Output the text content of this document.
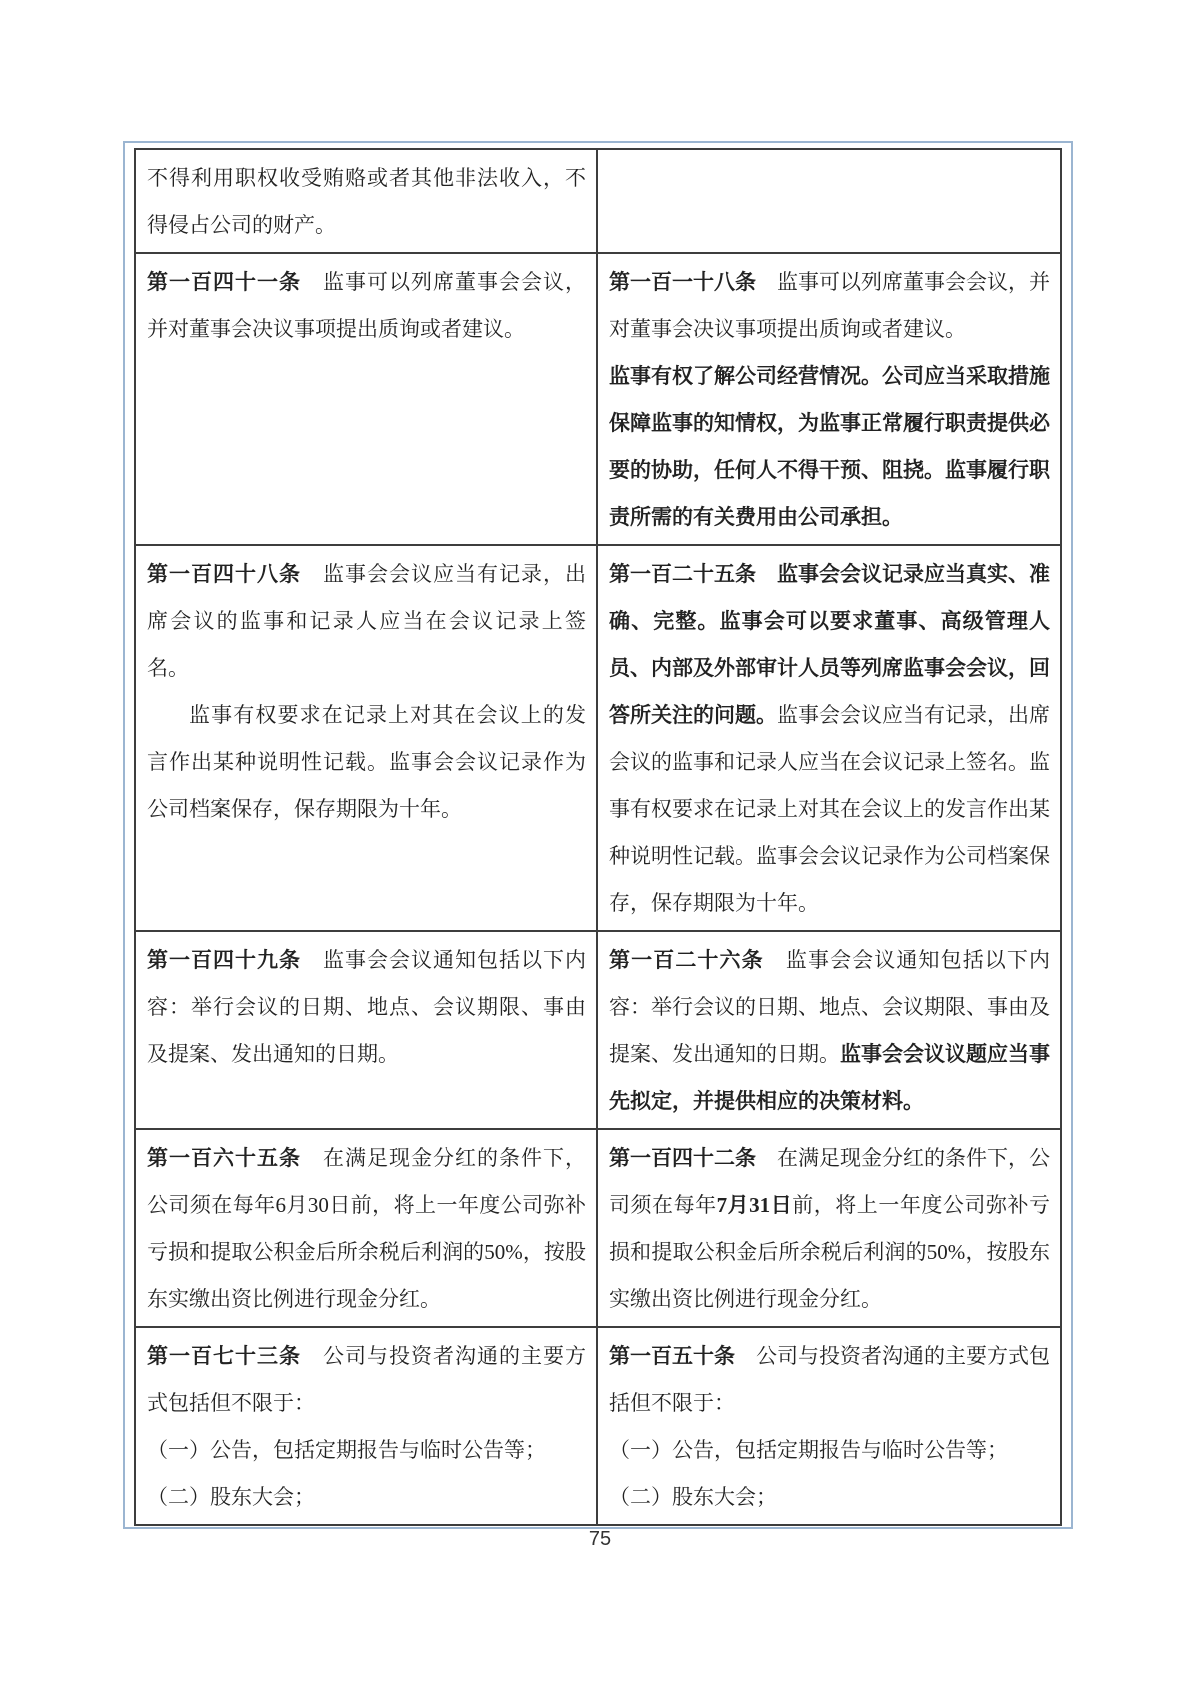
不得利用职权收受贿赂或者其他非法收入，不得侵占公司的财产。

第一百四十一条　监事可以列席董事会会议，并对董事会决议事项提出质询或者建议。

第一百一十八条　监事可以列席董事会会议，并对董事会决议事项提出质询或者建议。

监事有权了解公司经营情况。公司应当采取措施保障监事的知情权，为监事正常履行职责提供必要的协助，任何人不得干预、阻挠。监事履行职责所需的有关费用由公司承担。

第一百四十八条　监事会会议应当有记录，出席会议的监事和记录人应当在会议记录上签名。

监事有权要求在记录上对其在会议上的发言作出某种说明性记载。监事会会议记录作为公司档案保存，保存期限为十年。

第一百二十五条　 监事会会议记录应当真实、准确、完整。监事会可以要求董事、高级管理人员、内部及外部审计人员等列席监事会会议，回答所关注的问题。监事会会议应当有记录，出席会议的监事和记录人应当在会议记录上签名。监事有权要求在记录上对其在会议上的发言作出某种说明性记载。监事会会议记录作为公司档案保存，保存期限为十年。

第一百四十九条　监事会会议通知包括以下内容：举行会议的日期、地点、会议期限、事由及提案、发出通知的日期。

第一百二十六条　监事会会议通知包括以下内容：举行会议的日期、地点、会议期限、事由及提案、发出通知的日期。监事会会议议题应当事先拟定，并提供相应的决策材料。

第一百六十五条　在满足现金分红的条件下，公司须在每年6月30日前，将上一年度公司弥补亏损和提取公积金后所余税后利润的50%，按股东实缴出资比例进行现金分红。

第一百四十二条　在满足现金分红的条件下，公司须在每年7月31日前，将上一年度公司弥补亏损和提取公积金后所余税后利润的50%，按股东实缴出资比例进行现金分红。

第一百七十三条　公司与投资者沟通的主要方式包括但不限于：

（一）公告，包括定期报告与临时公告等；

（二）股东大会；

第一百五十条　公司与投资者沟通的主要方式包括但不限于：

（一）公告，包括定期报告与临时公告等；

（二）股东大会；

75
